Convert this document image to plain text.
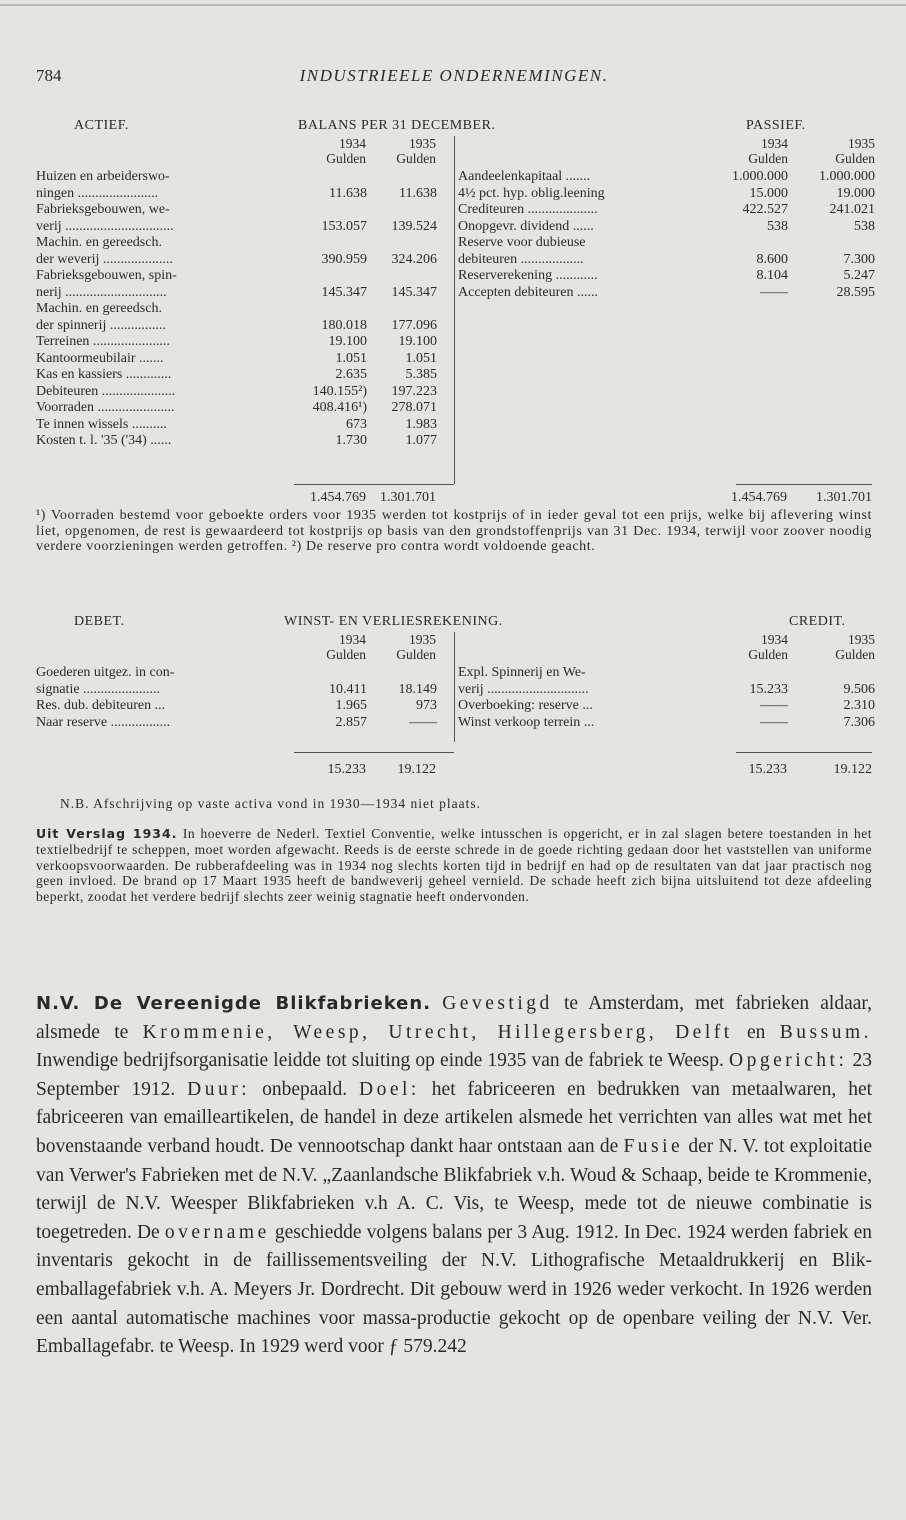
784	INDUSTRIEELE ONDERNEMINGEN.
ACTIEF.	BALANS PER 31 DECEMBER.	PASSIEF.
1934	1935
Gulden	Gulden
Huizen en arbeiderswo-
ningen .......................	11.638	11.638
Fabrieksgebouwen, we-
verij ...............................	153.057	139.524
Machin. en gereedsch.
der weverij ....................	390.959	324.206
Fabrieksgebouwen, spin-
nerij .............................	145.347	145.347
Machin. en gereedsch.
der spinnerij ................	180.018	177.096
Terreinen ......................	19.100	19.100
Kantoormeubilair .......	1.051	1.051
Kas en kassiers .............	2.635	5.385
Debiteuren .....................	140.155²)	197.223
Voorraden ......................	408.416¹)	278.071
Te innen wissels ..........	673	1.983
Kosten t. l. '35 ('34) ......	1.730	1.077
1934	1935
Gulden	Gulden
Aandeelenkapitaal .......	1.000.000	1.000.000
4½ pct. hyp. oblig.leening	15.000	19.000
Crediteuren ....................	422.527	241.021
Onopgevr. dividend ......	538	538
Reserve voor dubieuse
debiteuren ..................	8.600	7.300
Reserverekening ............	8.104	5.247
Accepten debiteuren ......	——	28.595
1.454.769	1.301.701	1.454.769	1.301.701
¹) Voorraden bestemd voor geboekte orders voor 1935 werden tot kostprijs of in ieder geval tot een prijs, welke bij aflevering winst liet, opgenomen, de rest is gewaardeerd tot kostprijs op basis van den grondstoffenprijs van 31 Dec. 1934, terwijl voor zoover noodig verdere voorzieningen werden getroffen. ²) De reserve pro contra wordt voldoende geacht.
DEBET.	WINST- EN VERLIESREKENING.	CREDIT.
1934	1935
Gulden	Gulden
Goederen uitgez. in con-
signatie ......................	10.411	18.149
Res. dub. debiteuren ...	1.965	973
Naar reserve .................	2.857	——
1934	1935
Gulden	Gulden
Expl. Spinnerij en We-
verij .............................	15.233	9.506
Overboeking: reserve ...	——	2.310
Winst verkoop terrein ...	——	7.306
15.233	19.122	15.233	19.122
N.B. Afschrijving op vaste activa vond in 1930—1934 niet plaats.
Uit Verslag 1934. In hoeverre de Nederl. Textiel Conventie, welke intusschen is opgericht, er in zal slagen betere toestanden in het textielbedrijf te scheppen, moet worden afgewacht. Reeds is de eerste schrede in de goede richting gedaan door het vaststellen van uniforme verkoopsvoorwaarden. De rubberafdeeling was in 1934 nog slechts korten tijd in bedrijf en had op de resultaten van dat jaar practisch nog geen invloed. De brand op 17 Maart 1935 heeft de bandweverij geheel vernield. De schade heeft zich bijna uitsluitend tot deze afdeeling beperkt, zoodat het verdere bedrijf slechts zeer weinig stagnatie heeft ondervonden.
N.V. De Vereenigde Blikfabrieken. Gevestigd te Amsterdam, met fabrieken aldaar, alsmede te Krommenie, Weesp, Utrecht, Hillegersberg, Delft en Bussum. Inwendige bedrijfsorganisatie leidde tot sluiting op einde 1935 van de fabriek te Weesp. Opgericht: 23 September 1912. Duur: onbepaald. Doel: het fabriceeren en bedrukken van metaalwaren, het fabriceeren van emailleartikelen, de handel in deze artikelen alsmede het verrichten van alles wat met het bovenstaande verband houdt. De vennootschap dankt haar ontstaan aan de Fusie der N. V. tot exploitatie van Verwer's Fabrieken met de N.V. „Zaanlandsche Blikfabriek v.h. Woud & Schaap, beide te Krommenie, terwijl de N.V. Weesper Blikfabrieken v.h A. C. Vis, te Weesp, mede tot de nieuwe combinatie is toegetreden. De overname geschiedde volgens balans per 3 Aug. 1912. In Dec. 1924 werden fabriek en inventaris gekocht in de faillissementsveiling der N.V. Lithografische Metaaldrukkerij en Blik-emballagefabriek v.h. A. Meyers Jr. Dordrecht. Dit gebouw werd in 1926 weder verkocht. In 1926 werden een aantal automatische machines voor massa-productie gekocht op de openbare veiling der N.V. Ver. Emballagefabr. te Weesp. In 1929 werd voor ƒ 579.242
